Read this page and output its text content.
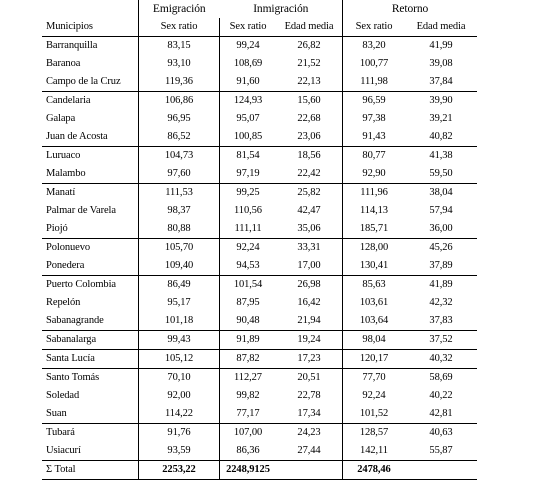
	Emigración	Inmigración		Retorno	
Municipios	Sex ratio	Sex ratio	Edad media	Sex ratio	Edad media
Barranquilla	83,15	99,24	26,82	83,20	41,99
Baranoa	93,10	108,69	21,52	100,77	39,08
Campo de la Cruz	119,36	91,60	22,13	111,98	37,84
Candelaria	106,86	124,93	15,60	96,59	39,90
Galapa	96,95	95,07	22,68	97,38	39,21
Juan de Acosta	86,52	100,85	23,06	91,43	40,82
Luruaco	104,73	81,54	18,56	80,77	41,38
Malambo	97,60	97,19	22,42	92,90	59,50
Manatí	111,53	99,25	25,82	111,96	38,04
Palmar de Varela	98,37	110,56	42,47	114,13	57,94
Piojó	80,88	111,11	35,06	185,71	36,00
Polonuevo	105,70	92,24	33,31	128,00	45,26
Ponedera	109,40	94,53	17,00	130,41	37,89
Puerto Colombia	86,49	101,54	26,98	85,63	41,89
Repelón	95,17	87,95	16,42	103,61	42,32
Sabanagrande	101,18	90,48	21,94	103,64	37,83
Sabanalarga	99,43	91,89	19,24	98,04	37,52
Santa Lucía	105,12	87,82	17,23	120,17	40,32
Santo Tomás	70,10	112,27	20,51	77,70	58,69
Soledad	92,00	99,82	22,78	92,24	40,22
Suan	114,22	77,17	17,34	101,52	42,81
Tubará	91,76	107,00	24,23	128,57	40,63
Usiacurí	93,59	86,36	27,44	142,11	55,87
Σ Total	2253,22	2248,9125		2478,46	
